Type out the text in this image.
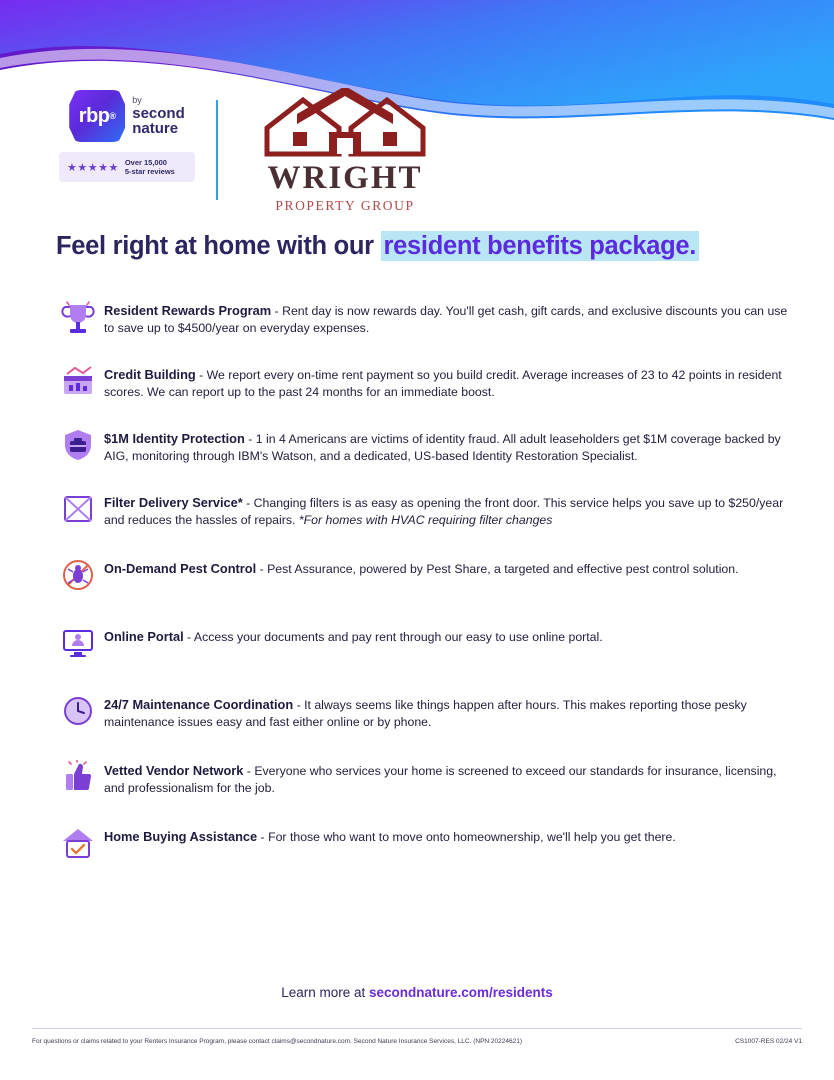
rbp ®
by
second
nature
★★★★★ Over 15,000
5-star reviews	WRIGHT
PROPERTY GROUP
Feel right at home with our resident benefits package.
Resident Rewards Program - Rent day is now rewards day. You'll get cash, gift cards, and exclusive discounts you can use to save up to $4500/year on everyday expenses.
Credit Building - We report every on-time rent payment so you build credit. Average increases of 23 to 42 points in resident scores. We can report up to the past 24 months for an immediate boost.
$1M Identity Protection - 1 in 4 Americans are victims of identity fraud. All adult leaseholders get $1M coverage backed by AIG, monitoring through IBM's Watson, and a dedicated, US-based Identity Restoration Specialist.
Filter Delivery Service* - Changing filters is as easy as opening the front door. This service helps you save up to $250/year and reduces the hassles of repairs. *For homes with HVAC requiring filter changes
On-Demand Pest Control - Pest Assurance, powered by Pest Share, a targeted and effective pest control solution.
Online Portal - Access your documents and pay rent through our easy to use online portal.
24/7 Maintenance Coordination - It always seems like things happen after hours. This makes reporting those pesky maintenance issues easy and fast either online or by phone.
Vetted Vendor Network - Everyone who services your home is screened to exceed our standards for insurance, licensing, and professionalism for the job.
Home Buying Assistance - For those who want to move onto homeownership, we'll help you get there.
Learn more at secondnature.com/residents
For questions or claims related to your Renters Insurance Program, please contact claims@secondnature.com. Second Nature Insurance Services, LLC. (NPN 20224621)	CS1007-RES 02/24 V1
